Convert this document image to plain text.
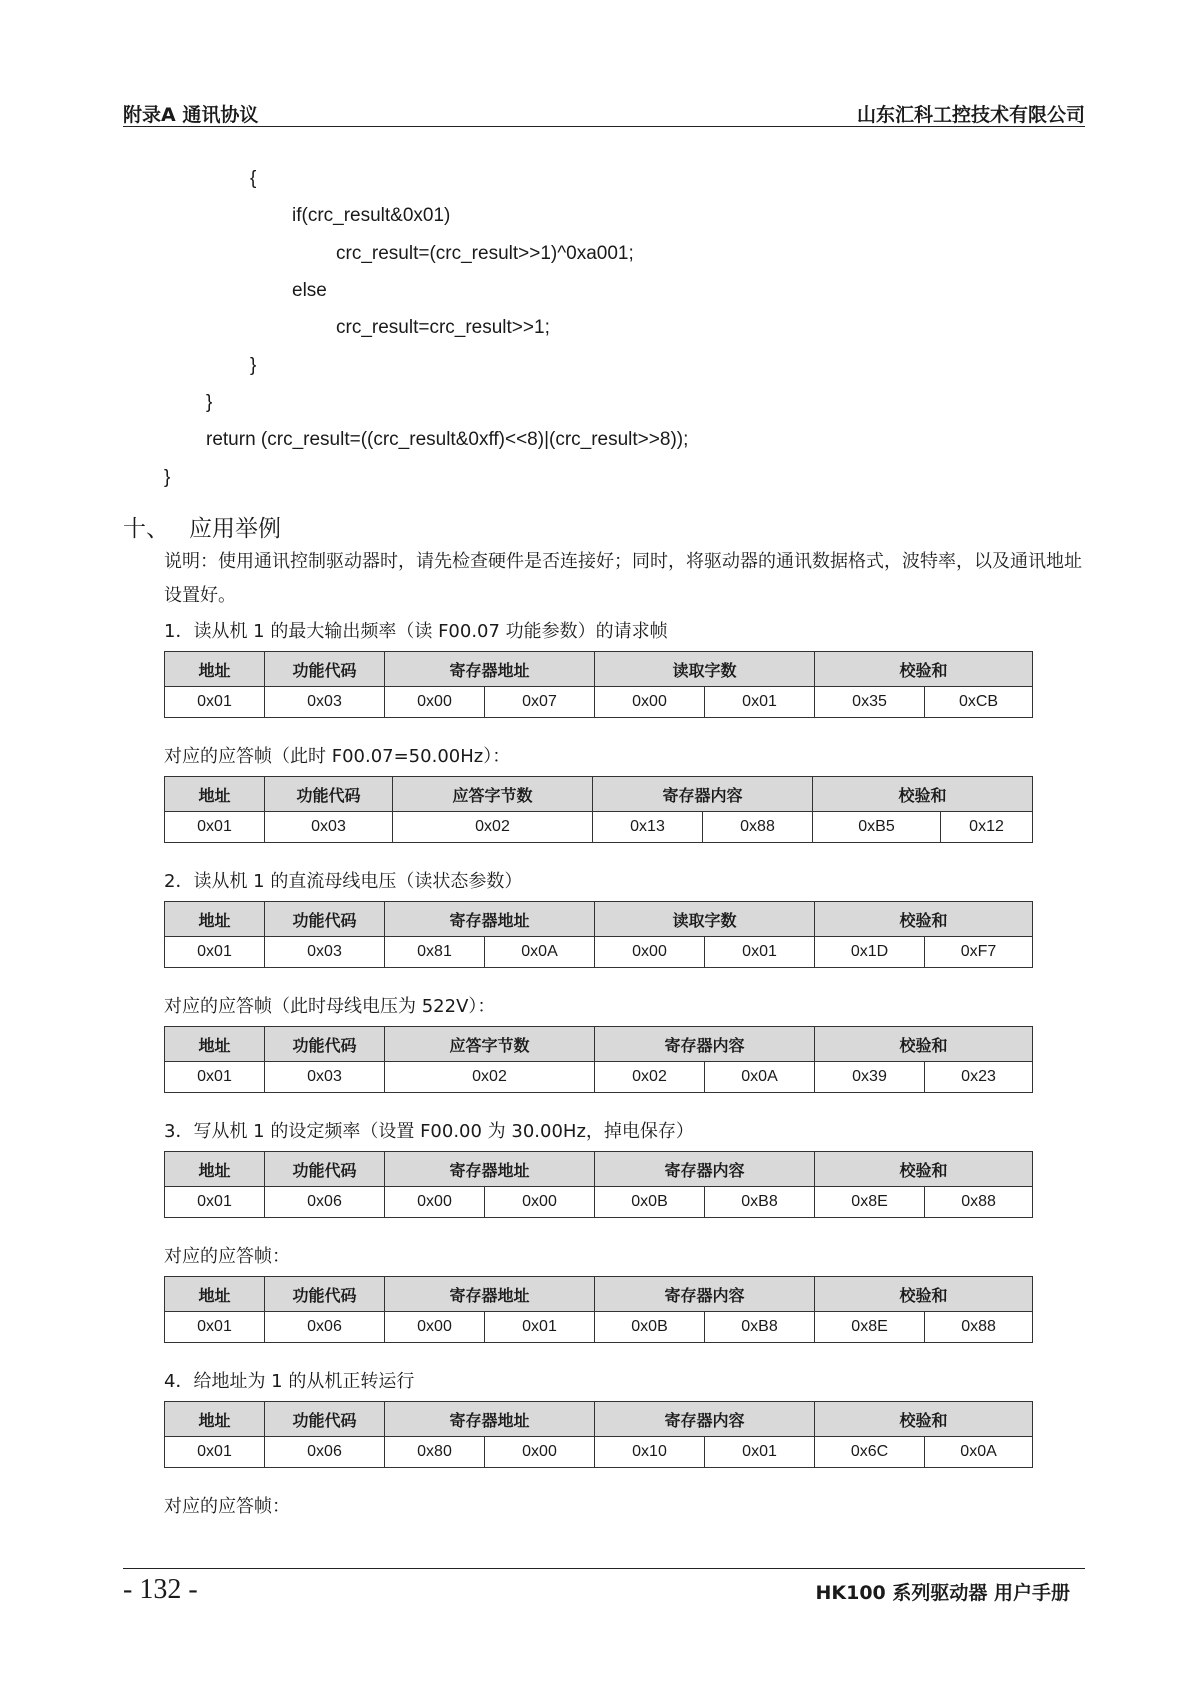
附录A 通讯协议	山东汇科工控技术有限公司
{
if(crc_result&0x01)
crc_result=(crc_result>>1)^0xa001;
else
crc_result=crc_result>>1;
}
}
return (crc_result=((crc_result&0xff)<<8)|(crc_result>>8));
}
十、 应用举例
说明：使用通讯控制驱动器时，请先检查硬件是否连接好；同时，将驱动器的通讯数据格式，波特率，以及通讯地址设置好。
1．读从机 1 的最大输出频率（读 F00.07 功能参数）的请求帧
地址	功能代码	寄存器地址		读取字数		校验和	
0x01	0x03	0x00	0x07	0x00	0x01	0x35	0xCB
对应的应答帧（此时 F00.07=50.00Hz）：
地址	功能代码	应答字节数	寄存器内容		校验和	
0x01	0x03	0x02	0x13	0x88	0xB5	0x12
2．读从机 1 的直流母线电压（读状态参数）
地址	功能代码	寄存器地址		读取字数		校验和	
0x01	0x03	0x81	0x0A	0x00	0x01	0x1D	0xF7
对应的应答帧（此时母线电压为 522V）：
地址	功能代码	应答字节数	寄存器内容		校验和	
0x01	0x03	0x02	0x02	0x0A	0x39	0x23
3．写从机 1 的设定频率（设置 F00.00 为 30.00Hz，掉电保存）
地址	功能代码	寄存器地址		寄存器内容		校验和	
0x01	0x06	0x00	0x00	0x0B	0xB8	0x8E	0x88
对应的应答帧：
地址	功能代码	寄存器地址		寄存器内容		校验和	
0x01	0x06	0x00	0x01	0x0B	0xB8	0x8E	0x88
4．给地址为 1 的从机正转运行
地址	功能代码	寄存器地址		寄存器内容		校验和	
0x01	0x06	0x80	0x00	0x10	0x01	0x6C	0x0A
对应的应答帧：
- 132 -	HK100 系列驱动器 用户手册
